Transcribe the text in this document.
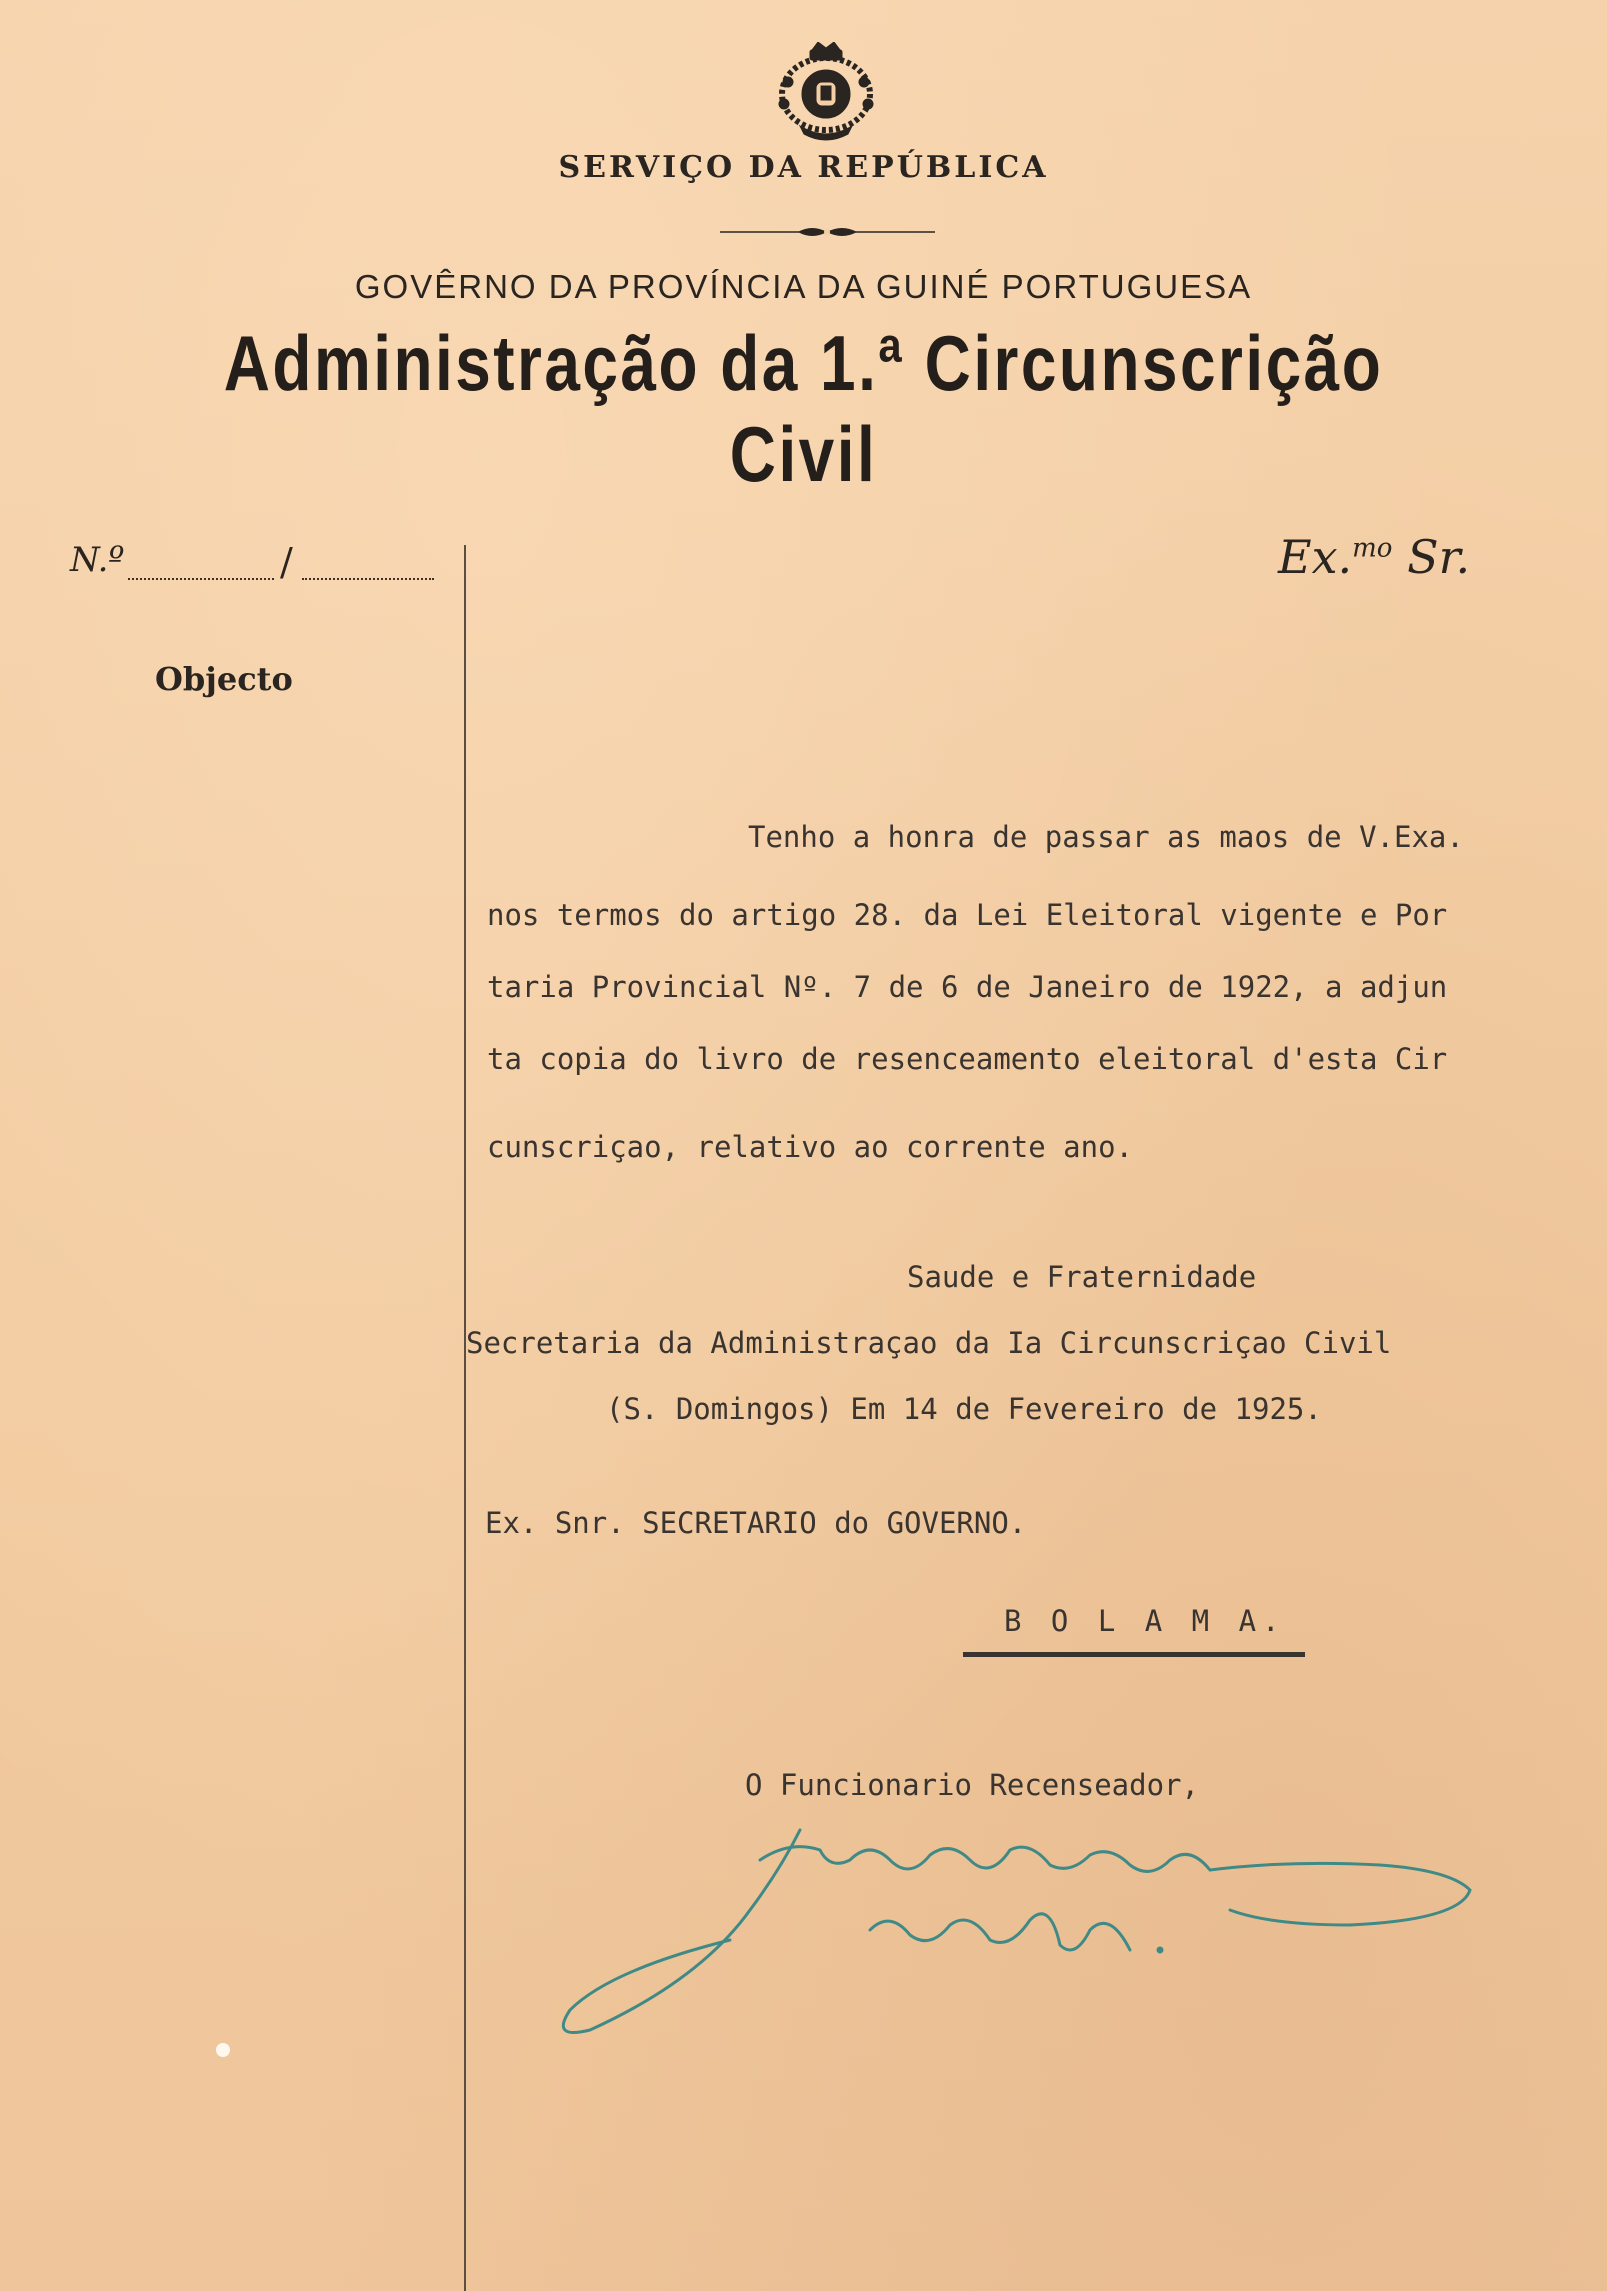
SERVIÇO DA REPÚBLICA
GOVÊRNO DA PROVÍNCIA DA GUINÉ PORTUGUESA
Administração da 1.ª Circunscrição Civil
N.º	/
Objecto
Ex.$^{mo}$ Sr.
Tenho a honra de passar as maos de V.Exa.
nos termos do artigo 28. da Lei Eleitoral vigente e Por
taria Provincial Nº. 7 de 6 de Janeiro de 1922, a adjun
ta copia do livro de resenceamento eleitoral d'esta Cir
cunscriçao, relativo ao corrente ano.
Saude e Fraternidade
Secretaria da Administraçao da Ia Circunscriçao Civil
(S. Domingos) Em 14 de Fevereiro de 1925.
Ex. Snr. SECRETARIO do GOVERNO.
B O L A M A.
O Funcionario Recenseador,
